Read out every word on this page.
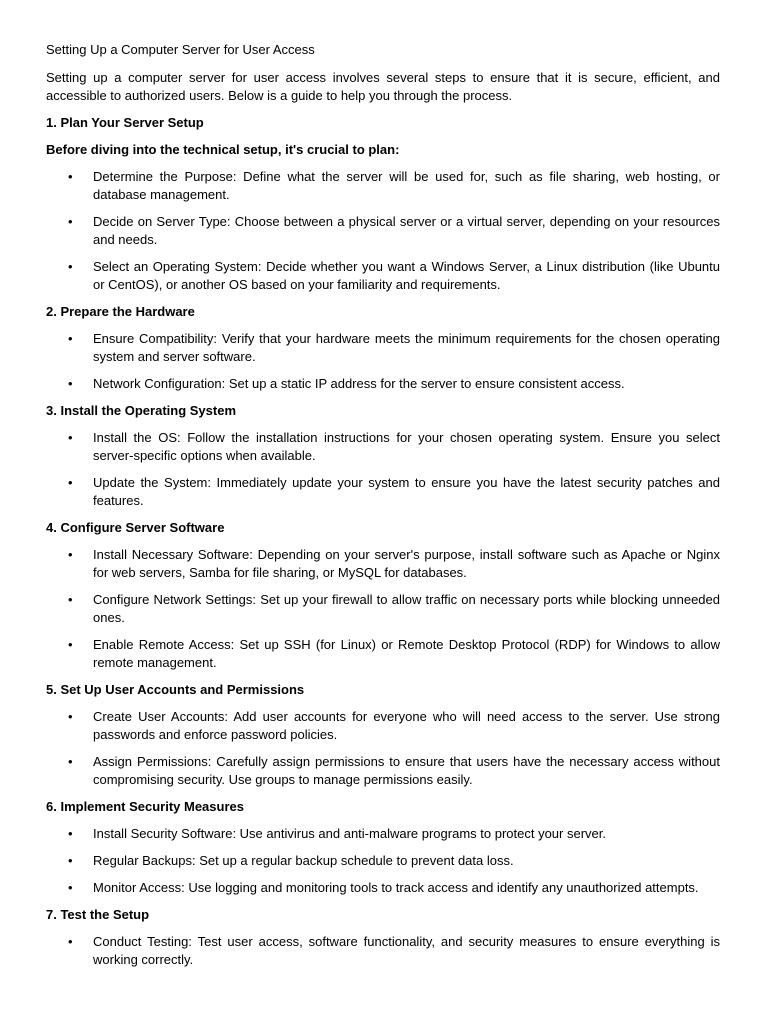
Setting Up a Computer Server for User Access

Setting up a computer server for user access involves several steps to ensure that it is secure, efficient, and accessible to authorized users. Below is a guide to help you through the process.

1. Plan Your Server Setup

Before diving into the technical setup, it's crucial to plan:

• Determine the Purpose: Define what the server will be used for, such as file sharing, web hosting, or database management.
• Decide on Server Type: Choose between a physical server or a virtual server, depending on your resources and needs.
• Select an Operating System: Decide whether you want a Windows Server, a Linux distribution (like Ubuntu or CentOS), or another OS based on your familiarity and requirements.

2. Prepare the Hardware

• Ensure Compatibility: Verify that your hardware meets the minimum requirements for the chosen operating system and server software.
• Network Configuration: Set up a static IP address for the server to ensure consistent access.

3. Install the Operating System

• Install the OS: Follow the installation instructions for your chosen operating system. Ensure you select server-specific options when available.
• Update the System: Immediately update your system to ensure you have the latest security patches and features.

4. Configure Server Software

• Install Necessary Software: Depending on your server's purpose, install software such as Apache or Nginx for web servers, Samba for file sharing, or MySQL for databases.
• Configure Network Settings: Set up your firewall to allow traffic on necessary ports while blocking unneeded ones.
• Enable Remote Access: Set up SSH (for Linux) or Remote Desktop Protocol (RDP) for Windows to allow remote management.

5. Set Up User Accounts and Permissions

• Create User Accounts: Add user accounts for everyone who will need access to the server. Use strong passwords and enforce password policies.
• Assign Permissions: Carefully assign permissions to ensure that users have the necessary access without compromising security. Use groups to manage permissions easily.

6. Implement Security Measures

• Install Security Software: Use antivirus and anti-malware programs to protect your server.
• Regular Backups: Set up a regular backup schedule to prevent data loss.
• Monitor Access: Use logging and monitoring tools to track access and identify any unauthorized attempts.

7. Test the Setup

• Conduct Testing: Test user access, software functionality, and security measures to ensure everything is working correctly.
